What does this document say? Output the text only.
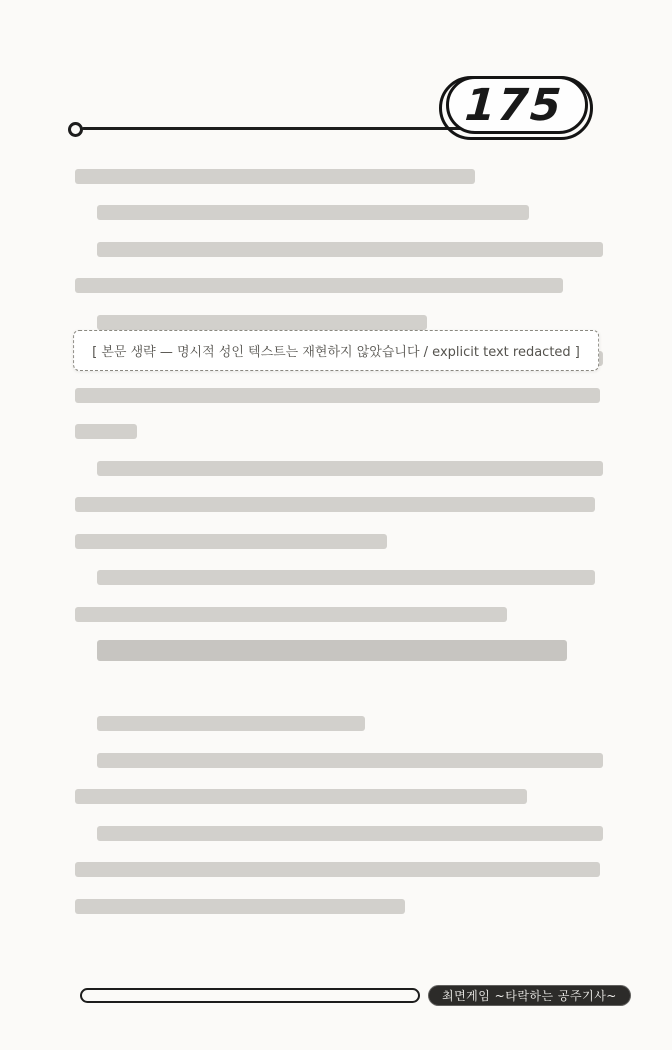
175
[ 본문 생략 — 명시적 성인 텍스트는 재현하지 않았습니다 / explicit text redacted ]
최면게임 ~타락하는 공주기사~
